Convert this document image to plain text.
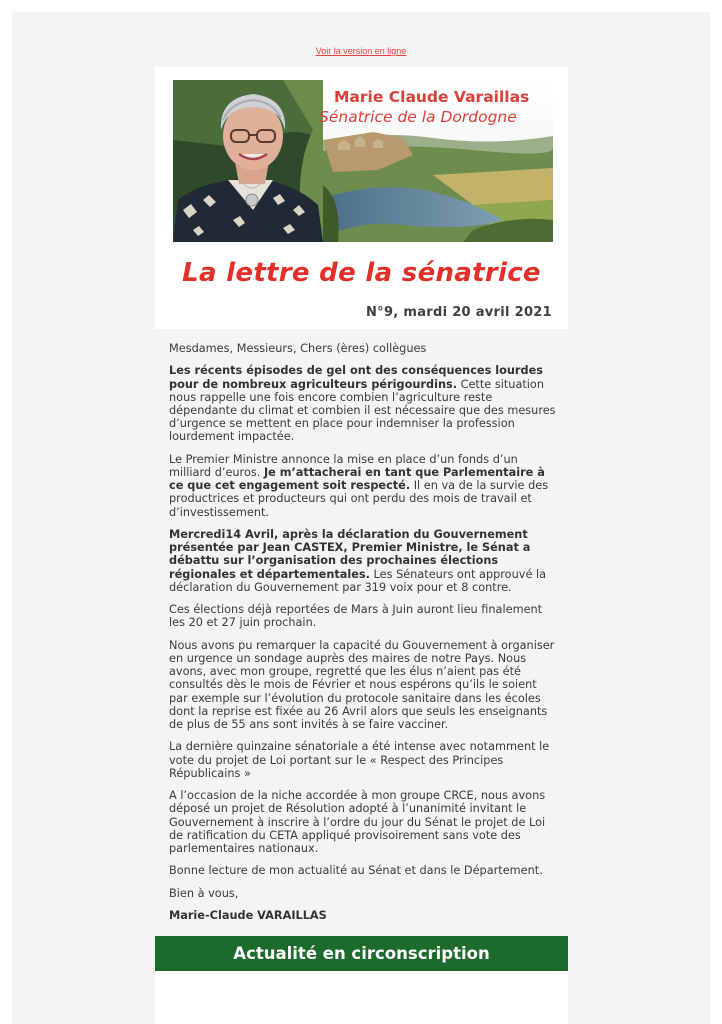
Voir la version en ligne
Marie Claude Varaillas
Sénatrice de la Dordogne
La lettre de la sénatrice
N°9, mardi 20 avril 2021

Mesdames, Messieurs, Chers (ères) collègues

Les récents épisodes de gel ont des conséquences lourdes pour de nombreux agriculteurs périgourdins. Cette situation nous rappelle une fois encore combien l’agriculture reste dépendante du climat et combien il est nécessaire que des mesures d’urgence se mettent en place pour indemniser la profession lourdement impactée.

Le Premier Ministre annonce la mise en place d’un fonds d’un milliard d’euros. Je m’attacherai en tant que Parlementaire à ce que cet engagement soit respecté. Il en va de la survie des productrices et producteurs qui ont perdu des mois de travail et d’investissement.

Mercredi14 Avril, après la déclaration du Gouvernement présentée par Jean CASTEX, Premier Ministre, le Sénat a débattu sur l’organisation des prochaines élections régionales et départementales. Les Sénateurs ont approuvé la déclaration du Gouvernement par 319 voix pour et 8 contre.

Ces élections déjà reportées de Mars à Juin auront lieu finalement les 20 et 27 juin prochain.

Nous avons pu remarquer la capacité du Gouvernement à organiser en urgence un sondage auprès des maires de notre Pays. Nous avons, avec mon groupe, regretté que les élus n’aient pas été consultés dès le mois de Février et nous espérons qu’ils le soient par exemple sur l’évolution du protocole sanitaire dans les écoles dont la reprise est fixée au 26 Avril alors que seuls les enseignants de plus de 55 ans sont invités à se faire vacciner.

La dernière quinzaine sénatoriale a été intense avec notamment le vote du projet de Loi portant sur le « Respect des Principes Républicains »

A l’occasion de la niche accordée à mon groupe CRCE, nous avons déposé un projet de Résolution adopté à l’unanimité invitant le Gouvernement à inscrire à l’ordre du jour du Sénat le projet de Loi de ratification du CETA appliqué provisoirement sans vote des parlementaires nationaux.

Bonne lecture de mon actualité au Sénat et dans le Département.

Bien à vous,

Marie-Claude VARAILLAS

Actualité en circonscription
